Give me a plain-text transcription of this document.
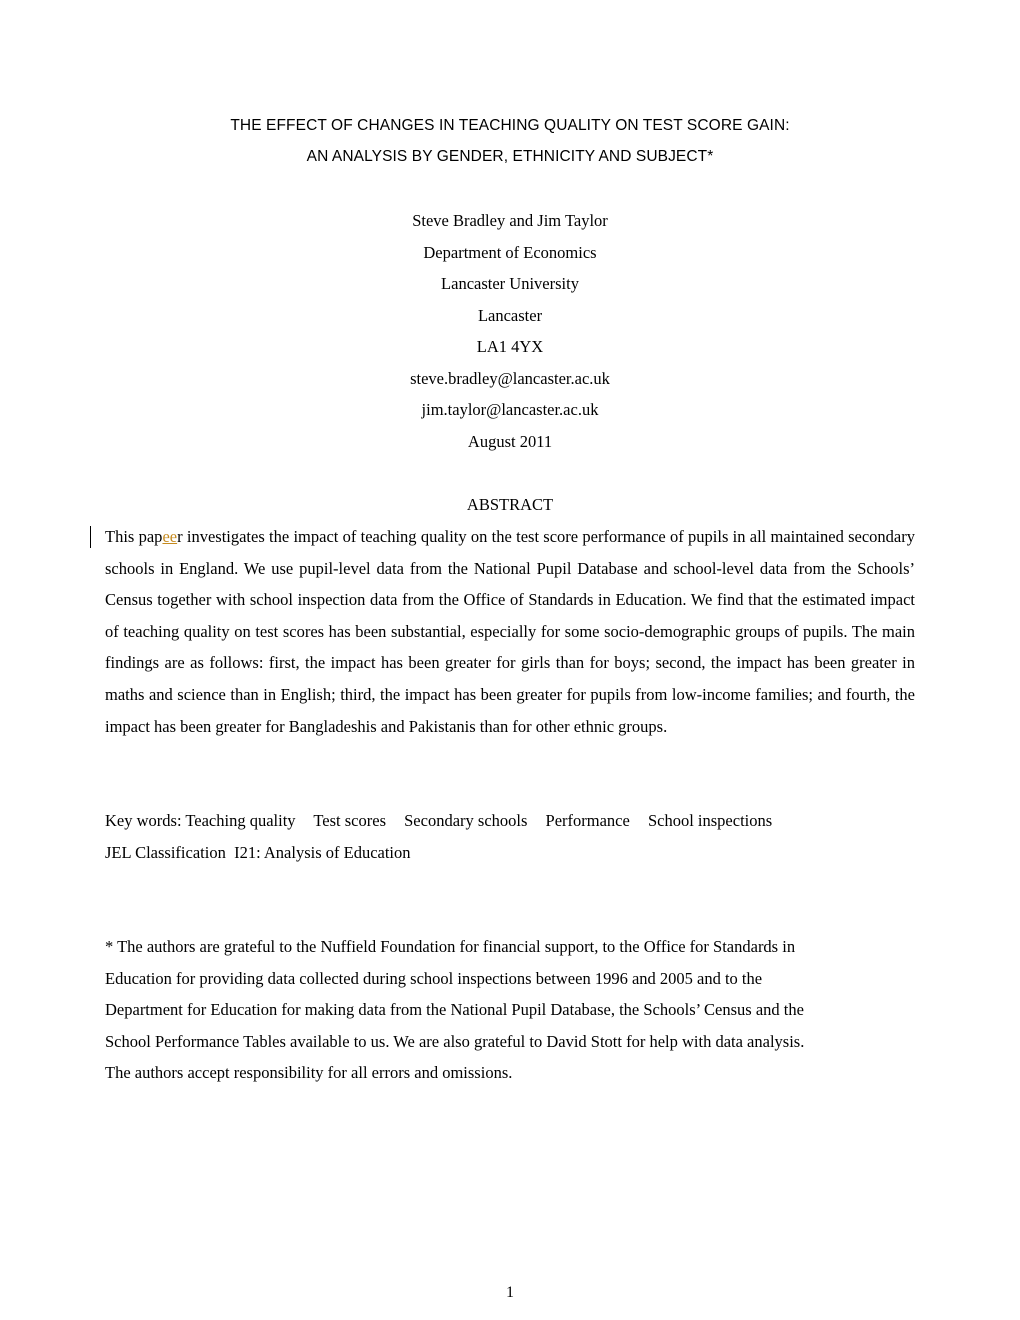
THE EFFECT OF CHANGES IN TEACHING QUALITY ON TEST SCORE GAIN:
AN ANALYSIS BY GENDER, ETHNICITY AND SUBJECT*
Steve Bradley and Jim Taylor
Department of Economics
Lancaster University
Lancaster
LA1 4YX
steve.bradley@lancaster.ac.uk
jim.taylor@lancaster.ac.uk
August 2011
ABSTRACT
This papeer investigates the impact of teaching quality on the test score performance of pupils in all maintained secondary schools in England. We use pupil-level data from the National Pupil Database and school-level data from the Schools’ Census together with school inspection data from the Office of Standards in Education. We find that the estimated impact of teaching quality on test scores has been substantial, especially for some socio-demographic groups of pupils. The main findings are as follows: first, the impact has been greater for girls than for boys; second, the impact has been greater in maths and science than in English; third, the impact has been greater for pupils from low-income families; and fourth, the impact has been greater for Bangladeshis and Pakistanis than for other ethnic groups.
Key words: Teaching quality Test scores Secondary schools Performance School inspections
JEL Classification I21: Analysis of Education
* The authors are grateful to the Nuffield Foundation for financial support, to the Office for Standards in
Education for providing data collected during school inspections between 1996 and 2005 and to the
Department for Education for making data from the National Pupil Database, the Schools’ Census and the
School Performance Tables available to us. We are also grateful to David Stott for help with data analysis.
The authors accept responsibility for all errors and omissions.
1
